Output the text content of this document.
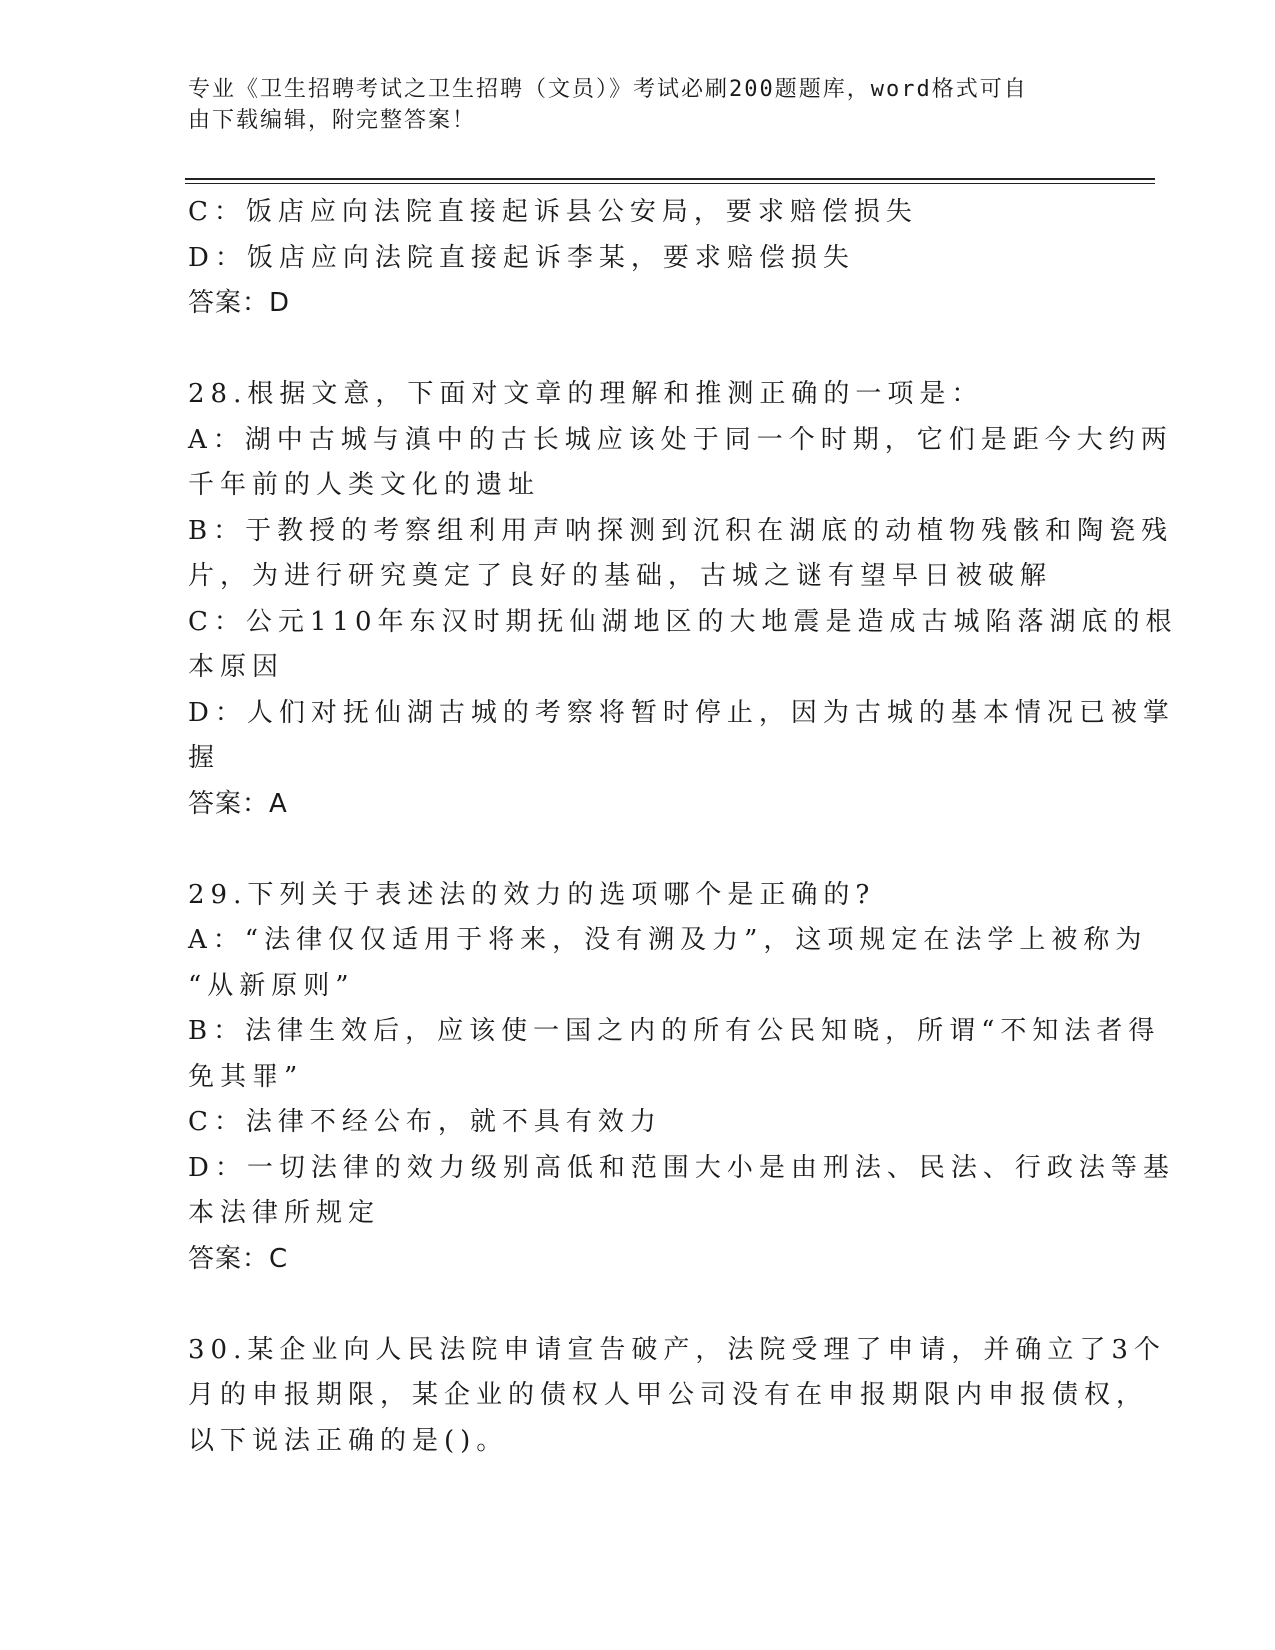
专业《卫生招聘考试之卫生招聘（文员）》考试必刷200题题库，word格式可自
由下载编辑，附完整答案！
C：饭店应向法院直接起诉县公安局，要求赔偿损失
D：饭店应向法院直接起诉李某，要求赔偿损失
答案：D
28.根据文意，下面对文章的理解和推测正确的一项是：
A：湖中古城与滇中的古长城应该处于同一个时期，它们是距今大约两
千年前的人类文化的遗址
B：于教授的考察组利用声呐探测到沉积在湖底的动植物残骸和陶瓷残
片，为进行研究奠定了良好的基础，古城之谜有望早日被破解
C：公元110年东汉时期抚仙湖地区的大地震是造成古城陷落湖底的根
本原因
D：人们对抚仙湖古城的考察将暂时停止，因为古城的基本情况已被掌
握
答案：A
29.下列关于表述法的效力的选项哪个是正确的?
A：“法律仅仅适用于将来，没有溯及力”，这项规定在法学上被称为
“从新原则”
B：法律生效后，应该使一国之内的所有公民知晓，所谓“不知法者得
免其罪”
C：法律不经公布，就不具有效力
D：一切法律的效力级别高低和范围大小是由刑法、民法、行政法等基
本法律所规定
答案：C
30.某企业向人民法院申请宣告破产，法院受理了申请，并确立了3个
月的申报期限，某企业的债权人甲公司没有在申报期限内申报债权，
以下说法正确的是()。
